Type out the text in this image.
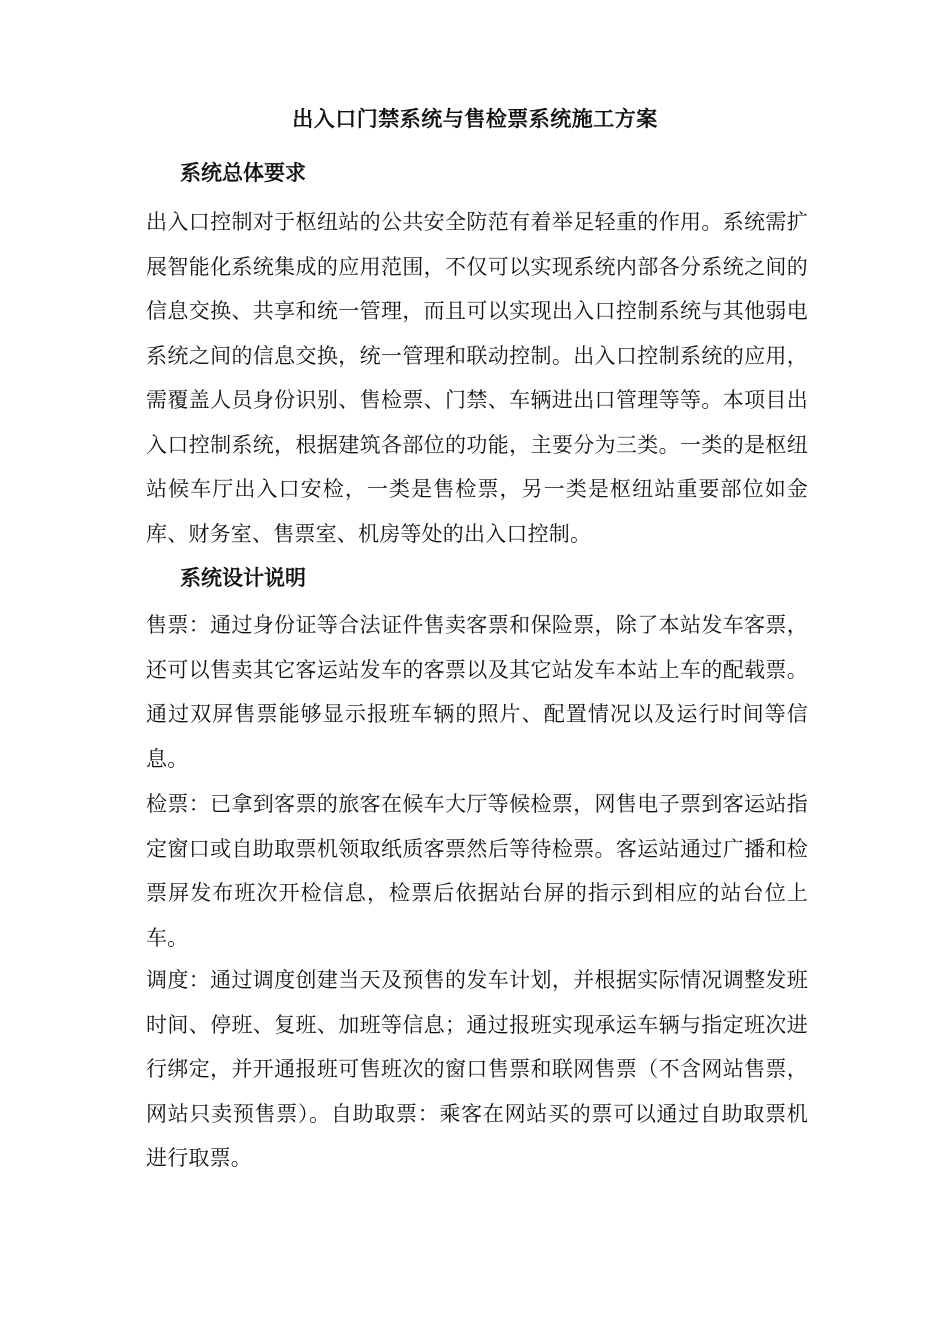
出入口门禁系统与售检票系统施工方案
系统总体要求
出入口控制对于枢纽站的公共安全防范有着举足轻重的作用。系统需扩展智能化系统集成的应用范围，不仅可以实现系统内部各分系统之间的信息交换、共享和统一管理，而且可以实现出入口控制系统与其他弱电系统之间的信息交换，统一管理和联动控制。出入口控制系统的应用，需覆盖人员身份识别、售检票、门禁、车辆进出口管理等等。本项目出入口控制系统，根据建筑各部位的功能，主要分为三类。一类的是枢纽站候车厅出入口安检，一类是售检票，另一类是枢纽站重要部位如金库、财务室、售票室、机房等处的出入口控制。
系统设计说明
售票：通过身份证等合法证件售卖客票和保险票，除了本站发车客票，还可以售卖其它客运站发车的客票以及其它站发车本站上车的配载票。通过双屏售票能够显示报班车辆的照片、配置情况以及运行时间等信息。
检票：已拿到客票的旅客在候车大厅等候检票，网售电子票到客运站指定窗口或自助取票机领取纸质客票然后等待检票。客运站通过广播和检票屏发布班次开检信息，检票后依据站台屏的指示到相应的站台位上车。
调度：通过调度创建当天及预售的发车计划，并根据实际情况调整发班时间、停班、复班、加班等信息；通过报班实现承运车辆与指定班次进行绑定，并开通报班可售班次的窗口售票和联网售票（不含网站售票，网站只卖预售票）。自助取票：乘客在网站买的票可以通过自助取票机进行取票。
